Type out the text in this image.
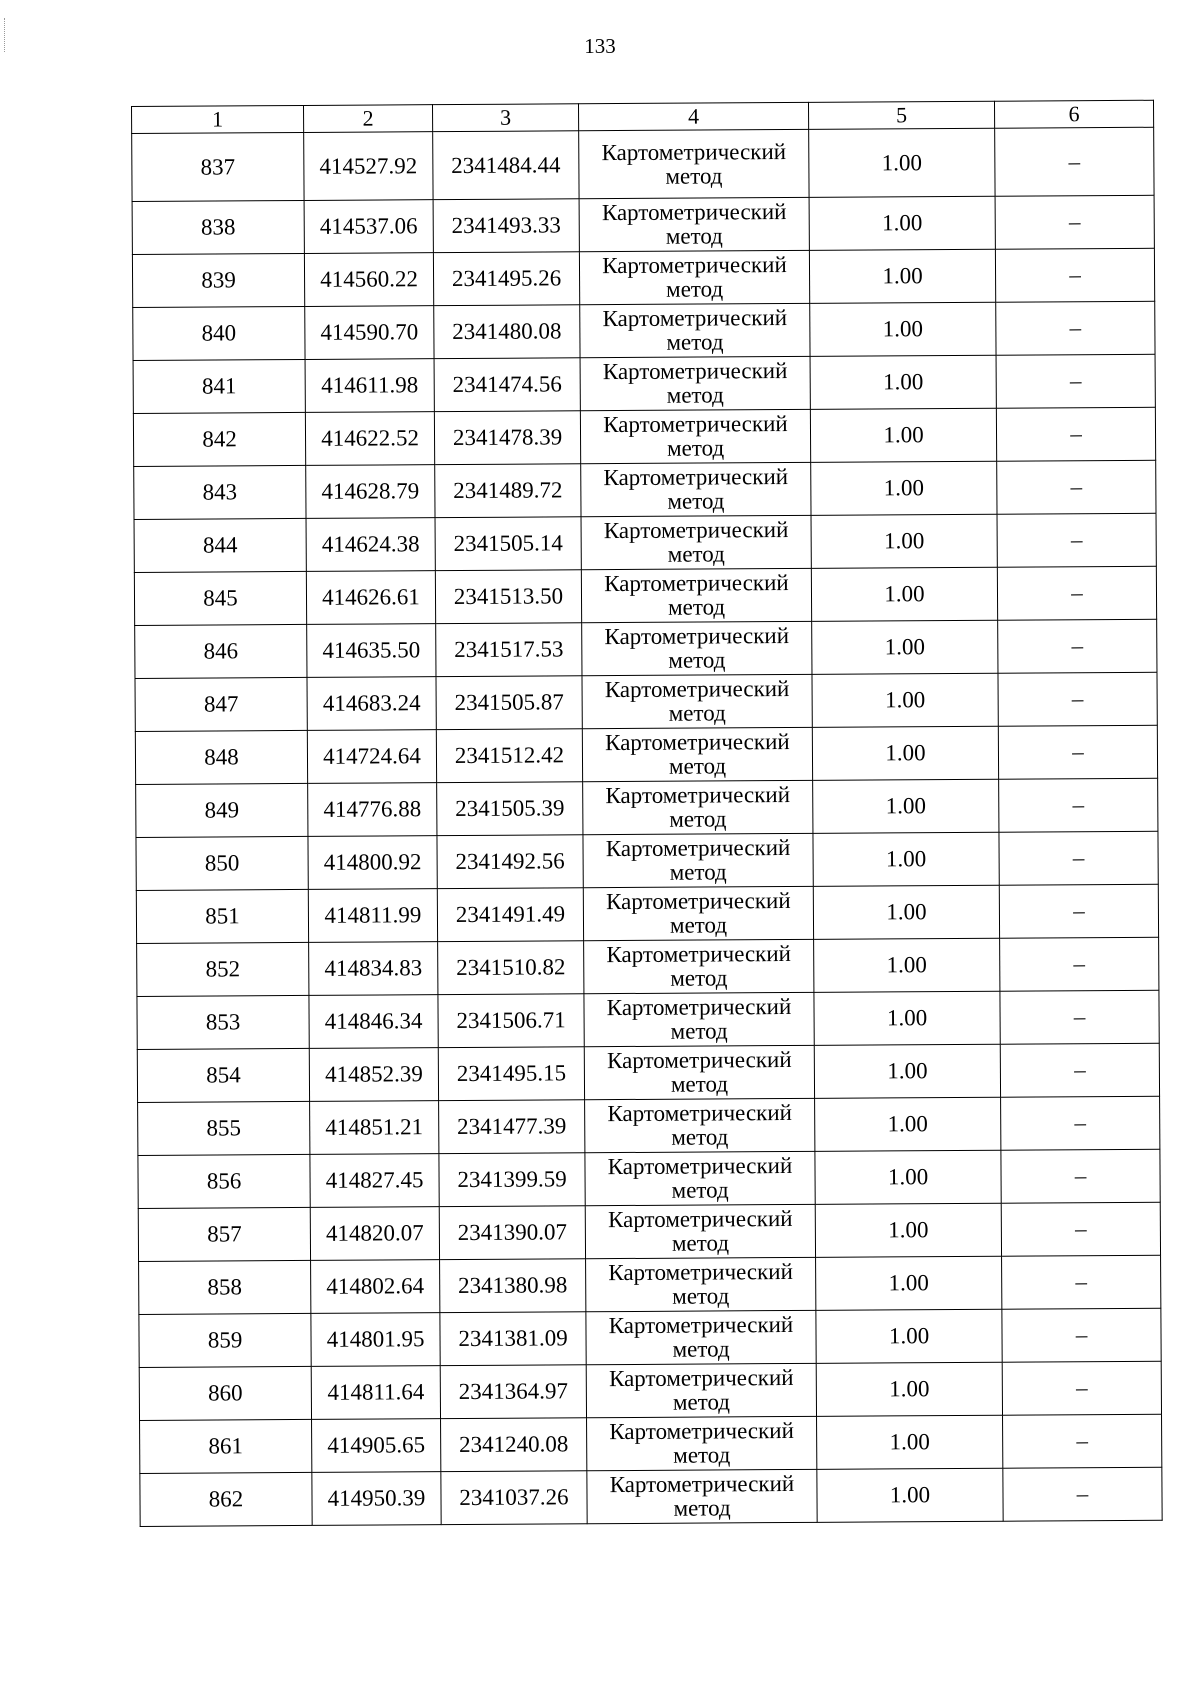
133
1	2	3	4	5	6
837	414527.92	2341484.44	Картометрический метод	1.00	–
838	414537.06	2341493.33	Картометрический метод	1.00	–
839	414560.22	2341495.26	Картометрический метод	1.00	–
840	414590.70	2341480.08	Картометрический метод	1.00	–
841	414611.98	2341474.56	Картометрический метод	1.00	–
842	414622.52	2341478.39	Картометрический метод	1.00	–
843	414628.79	2341489.72	Картометрический метод	1.00	–
844	414624.38	2341505.14	Картометрический метод	1.00	–
845	414626.61	2341513.50	Картометрический метод	1.00	–
846	414635.50	2341517.53	Картометрический метод	1.00	–
847	414683.24	2341505.87	Картометрический метод	1.00	–
848	414724.64	2341512.42	Картометрический метод	1.00	–
849	414776.88	2341505.39	Картометрический метод	1.00	–
850	414800.92	2341492.56	Картометрический метод	1.00	–
851	414811.99	2341491.49	Картометрический метод	1.00	–
852	414834.83	2341510.82	Картометрический метод	1.00	–
853	414846.34	2341506.71	Картометрический метод	1.00	–
854	414852.39	2341495.15	Картометрический метод	1.00	–
855	414851.21	2341477.39	Картометрический метод	1.00	–
856	414827.45	2341399.59	Картометрический метод	1.00	–
857	414820.07	2341390.07	Картометрический метод	1.00	–
858	414802.64	2341380.98	Картометрический метод	1.00	–
859	414801.95	2341381.09	Картометрический метод	1.00	–
860	414811.64	2341364.97	Картометрический метод	1.00	–
861	414905.65	2341240.08	Картометрический метод	1.00	–
862	414950.39	2341037.26	Картометрический метод	1.00	–
